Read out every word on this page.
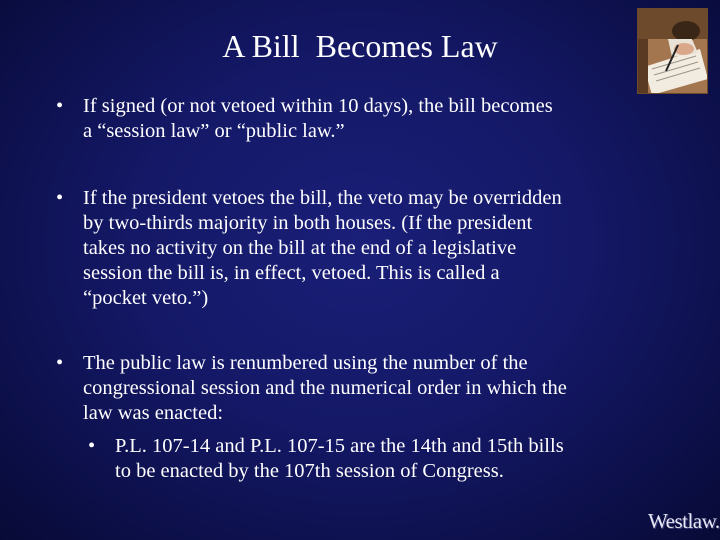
A Bill  Becomes Law
• If signed (or not vetoed within 10 days), the bill becomes
a “session law” or “public law.”
• If the president vetoes the bill, the veto may be overridden
by two-thirds majority in both houses. (If the president
takes no activity on the bill at the end of a legislative
session the bill is, in effect, vetoed. This is called a
“pocket veto.”)
• The public law is renumbered using the number of the
congressional session and the numerical order in which the
law was enacted:
• P.L. 107-14 and P.L. 107-15 are the 14th and 15th bills
to be enacted by the 107th session of Congress.
Westlaw.
